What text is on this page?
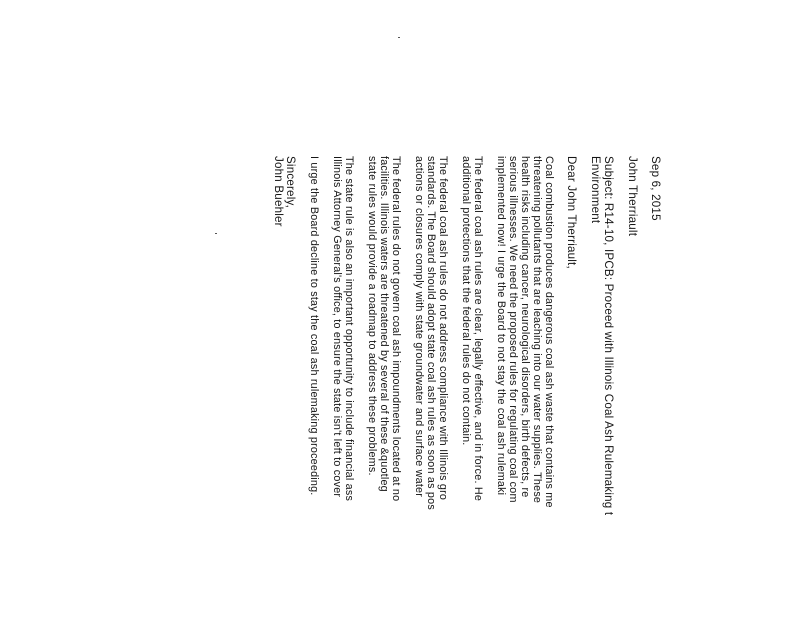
Sep 6, 2015
John Therriault
Subject: R14-10, IPCB: Proceed with Illinois Coal Ash Rulemaking t
Environment
Dear John Therriault,
Coal combustion produces dangerous coal ash waste that contains me
threatening pollutants that are leaching into our water supplies. These
health risks including cancer, neurological disorders, birth defects, re
serious illnesses. We need the proposed rules for regulating coal com
implemented now! I urge the Board to not stay the coal ash rulemaki
The federal coal ash rules are clear, legally effective, and in force. He
additional protections that the federal rules do not contain.
The federal coal ash rules do not address compliance with Illinois gro
standards. The Board should adopt state coal ash rules as soon as pos
actions or closures comply with state groundwater and surface water
The federal rules do not govern coal ash impoundments located at no
facilities. Illinois waters are threatened by several of these &quotleg
state rules would provide a roadmap to address these problems.
The state rule is also an important opportunity to include financial ass
Illinois Attorney General's office, to ensure the state isn't left to cover
I urge the Board decline to stay the coal ash rulemaking proceeding.
Sincerely,
John Buehler
